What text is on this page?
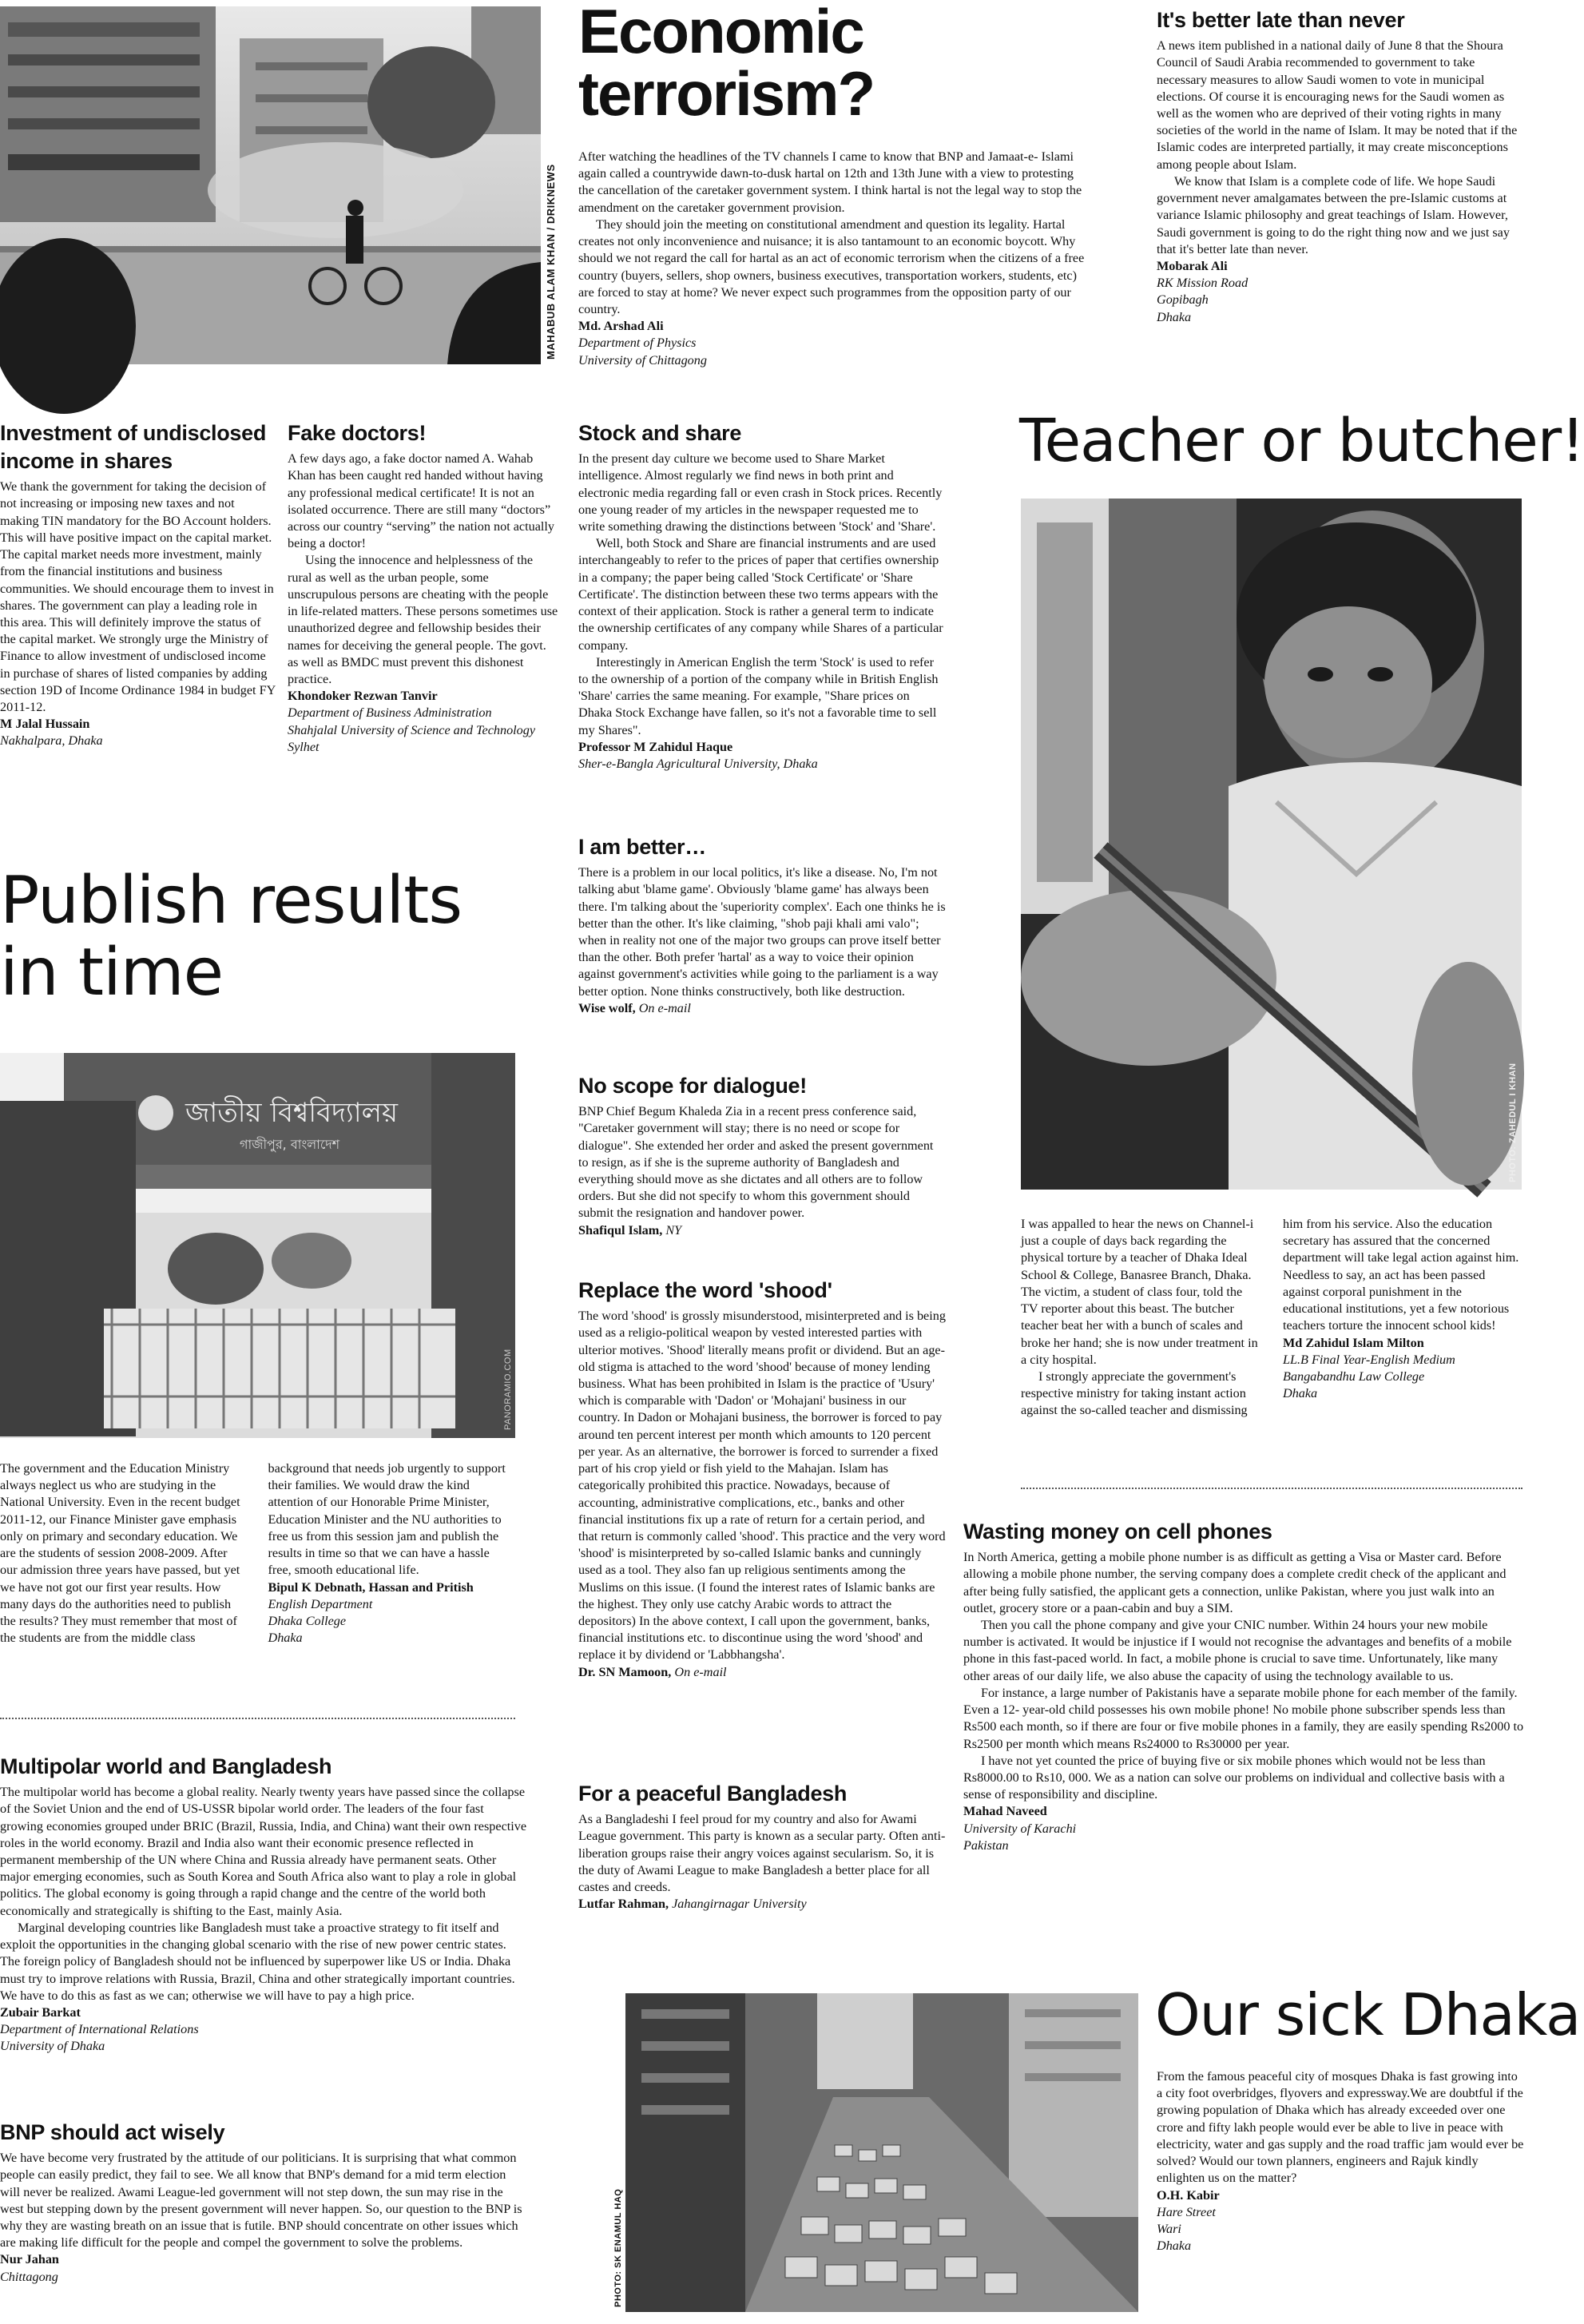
MAHABUB ALAM KHAN / DRIKNEWS
Economic terrorism?

After watching the headlines of the TV channels I came to know that BNP and Jamaat-e- Islami again called a countrywide dawn-to-dusk hartal on 12th and 13th June with a view to protesting the cancellation of the caretaker government system. I think hartal is not the legal way to stop the amendment on the caretaker government provision.

They should join the meeting on constitutional amendment and question its legality. Hartal creates not only inconvenience and nuisance; it is also tantamount to an economic boycott. Why should we not regard the call for hartal as an act of economic terrorism when the citizens of a free country (buyers, sellers, shop owners, business executives, transportation workers, students, etc) are forced to stay at home? We never expect such programmes from the opposition party of our country.

Md. Arshad Ali
Department of Physics
University of Chittagong
It's better late than never

A news item published in a national daily of June 8 that the Shoura Council of Saudi Arabia recommended to government to take necessary measures to allow Saudi women to vote in municipal elections. Of course it is encouraging news for the Saudi women as well as the women who are deprived of their voting rights in many societies of the world in the name of Islam. It may be noted that if the Islamic codes are interpreted partially, it may create misconceptions among people about Islam.

We know that Islam is a complete code of life. We hope Saudi government never amalgamates between the pre-Islamic customs at variance Islamic philosophy and great teachings of Islam. However, Saudi government is going to do the right thing now and we just say that it's better late than never.

Mobarak Ali
RK Mission Road
Gopibagh
Dhaka
Investment of undisclosed income in shares

We thank the government for taking the decision of not increasing or imposing new taxes and not making TIN mandatory for the BO Account holders. This will have positive impact on the capital market. The capital market needs more investment, mainly from the financial institutions and business communities. We should encourage them to invest in shares. The government can play a leading role in this area. This will definitely improve the status of the capital market. We strongly urge the Ministry of Finance to allow investment of undisclosed income in purchase of shares of listed companies by adding section 19D of Income Ordinance 1984 in budget FY 2011-12.

M Jalal Hussain
Nakhalpara, Dhaka
Fake doctors!

A few days ago, a fake doctor named A. Wahab Khan has been caught red handed without having any professional medical certificate! It is not an isolated occurrence. There are still many “doctors” across our country “serving” the nation not actually being a doctor!

Using the innocence and helplessness of the rural as well as the urban people, some unscrupulous persons are cheating with the people in life-related matters. These persons sometimes use unauthorized degree and fellowship besides their names for deceiving the general people. The govt. as well as BMDC must prevent this dishonest practice.

Khondoker Rezwan Tanvir
Department of Business Administration
Shahjalal University of Science and Technology
Sylhet
Stock and share

In the present day culture we become used to Share Market intelligence. Almost regularly we find news in both print and electronic media regarding fall or even crash in Stock prices. Recently one young reader of my articles in the newspaper requested me to write something drawing the distinctions between 'Stock' and 'Share'.

Well, both Stock and Share are financial instruments and are used interchangeably to refer to the prices of paper that certifies ownership in a company; the paper being called 'Stock Certificate' or 'Share Certificate'. The distinction between these two terms appears with the context of their application. Stock is rather a general term to indicate the ownership certificates of any company while Shares of a particular company.

Interestingly in American English the term 'Stock' is used to refer to the ownership of a portion of the company while in British English 'Share' carries the same meaning. For example, "Share prices on Dhaka Stock Exchange have fallen, so it's not a favorable time to sell my Shares".

Professor M Zahidul Haque
Sher-e-Bangla Agricultural University, Dhaka
Teacher or butcher!
PHOTO: ZAHEDUL I KHAN

I was appalled to hear the news on Channel-i just a couple of days back regarding the physical torture by a teacher of Dhaka Ideal School & College, Banasree Branch, Dhaka. The victim, a student of class four, told the TV reporter about this beast. The butcher teacher beat her with a bunch of scales and broke her hand; she is now under treatment in a city hospital.

I strongly appreciate the government's respective ministry for taking instant action against the so-called teacher and dismissing him from his service. Also the education secretary has assured that the concerned department will take legal action against him. Needless to say, an act has been passed against corporal punishment in the educational institutions, yet a few notorious teachers torture the innocent school kids!

Md Zahidul Islam Milton
LL.B Final Year-English Medium
Bangabandhu Law College
Dhaka
Publish results
in time
জাতীয় বিশ্ববিদ্যালয়
গাজীপুর, বাংলাদেশ
PANORAMIO.COM

The government and the Education Ministry always neglect us who are studying in the National University. Even in the recent budget 2011-12, our Finance Minister gave emphasis only on primary and secondary education. We are the students of session 2008-2009. After our admission three years have passed, but yet we have not got our first year results. How many days do the authorities need to publish the results? They must remember that most of the students are from the middle class background that needs job urgently to support their families. We would draw the kind attention of our Honorable Prime Minister, Education Minister and the NU authorities to free us from this session jam and publish the results in time so that we can have a hassle free, smooth educational life.

Bipul K Debnath, Hassan and Pritish
English Department
Dhaka College
Dhaka
I am better…

There is a problem in our local politics, it's like a disease. No, I'm not talking abut 'blame game'. Obviously 'blame game' has always been there. I'm talking about the 'superiority complex'. Each one thinks he is better than the other. It's like claiming, "shob paji khali ami valo"; when in reality not one of the major two groups can prove itself better than the other. Both prefer 'hartal' as a way to voice their opinion against government's activities while going to the parliament is a way better option. None thinks constructively, both like destruction.

Wise wolf, On e-mail
No scope for dialogue!

BNP Chief Begum Khaleda Zia in a recent press conference said, "Caretaker government will stay; there is no need or scope for dialogue". She extended her order and asked the present government to resign, as if she is the supreme authority of Bangladesh and everything should move as she dictates and all others are to follow orders. But she did not specify to whom this government should submit the resignation and handover power.

Shafiqul Islam, NY
Replace the word 'shood'

The word 'shood' is grossly misunderstood, misinterpreted and is being used as a religio-political weapon by vested interested parties with ulterior motives. 'Shood' literally means profit or dividend. But an age-old stigma is attached to the word 'shood' because of money lending business. What has been prohibited in Islam is the practice of 'Usury' which is comparable with 'Dadon' or 'Mohajani' business in our country. In Dadon or Mohajani business, the borrower is forced to pay around ten percent interest per month which amounts to 120 percent per year. As an alternative, the borrower is forced to surrender a fixed part of his crop yield or fish yield to the Mahajan. Islam has categorically prohibited this practice. Nowadays, because of accounting, administrative complications, etc., banks and other financial institutions fix up a rate of return for a certain period, and that return is commonly called 'shood'. This practice and the very word 'shood' is misinterpreted by so-called Islamic banks and cunningly used as a tool. They also fan up religious sentiments among the Muslims on this issue. (I found the interest rates of Islamic banks are the highest. They only use catchy Arabic words to attract the depositors) In the above context, I call upon the government, banks, financial institutions etc. to discontinue using the word 'shood' and replace it by dividend or 'Labbhangsha'.

Dr. SN Mamoon, On e-mail
For a peaceful Bangladesh

As a Bangladeshi I feel proud for my country and also for Awami League government. This party is known as a secular party. Often anti-liberation groups raise their angry voices against secularism. So, it is the duty of Awami League to make Bangladesh a better place for all castes and creeds.

Lutfar Rahman, Jahangirnagar University
Wasting money on cell phones

In North America, getting a mobile phone number is as difficult as getting a Visa or Master card. Before allowing a mobile phone number, the serving company does a complete credit check of the applicant and after being fully satisfied, the applicant gets a connection, unlike Pakistan, where you just walk into an outlet, grocery store or a paan-cabin and buy a SIM.

Then you call the phone company and give your CNIC number. Within 24 hours your new mobile number is activated. It would be injustice if I would not recognise the advantages and benefits of a mobile phone in this fast-paced world. In fact, a mobile phone is crucial to save time. Unfortunately, like many other areas of our daily life, we also abuse the capacity of using the technology available to us.

For instance, a large number of Pakistanis have a separate mobile phone for each member of the family. Even a 12- year-old child possesses his own mobile phone! No mobile phone subscriber spends less than Rs500 each month, so if there are four or five mobile phones in a family, they are easily spending Rs2000 to Rs2500 per month which means Rs24000 to Rs30000 per year.

I have not yet counted the price of buying five or six mobile phones which would not be less than Rs8000.00 to Rs10, 000. We as a nation can solve our problems on individual and collective basis with a sense of responsibility and discipline.

Mahad Naveed
University of Karachi
Pakistan
Multipolar world and Bangladesh

The multipolar world has become a global reality. Nearly twenty years have passed since the collapse of the Soviet Union and the end of US-USSR bipolar world order. The leaders of the four fast growing economies grouped under BRIC (Brazil, Russia, India, and China) want their own respective roles in the world economy. Brazil and India also want their economic presence reflected in permanent membership of the UN where China and Russia already have permanent seats. Other major emerging economies, such as South Korea and South Africa also want to play a role in global politics. The global economy is going through a rapid change and the centre of the world both economically and strategically is shifting to the East, mainly Asia.

Marginal developing countries like Bangladesh must take a proactive strategy to fit itself and exploit the opportunities in the changing global scenario with the rise of new power centric states. The foreign policy of Bangladesh should not be influenced by superpower like US or India. Dhaka must try to improve relations with Russia, Brazil, China and other strategically important countries. We have to do this as fast as we can; otherwise we will have to pay a high price.

Zubair Barkat
Department of International Relations
University of Dhaka
BNP should act wisely

We have become very frustrated by the attitude of our politicians. It is surprising that what common people can easily predict, they fail to see. We all know that BNP's demand for a mid term election will never be realized. Awami League-led government will not step down, the sun may rise in the west but stepping down by the present government will never happen. So, our question to the BNP is why they are wasting breath on an issue that is futile. BNP should concentrate on other issues which are making life difficult for the people and compel the government to solve the problems.

Nur Jahan
Chittagong	PHOTO: SK ENAMUL HAQ
Our sick Dhaka

From the famous peaceful city of mosques Dhaka is fast growing into a city foot overbridges, flyovers and expressway.We are doubtful if the growing population of Dhaka which has already exceeded over one crore and fifty lakh people would ever be able to live in peace with electricity, water and gas supply and the road traffic jam would ever be solved? Would our town planners, engineers and Rajuk kindly enlighten us on the matter?

O.H. Kabir
Hare Street
Wari
Dhaka
